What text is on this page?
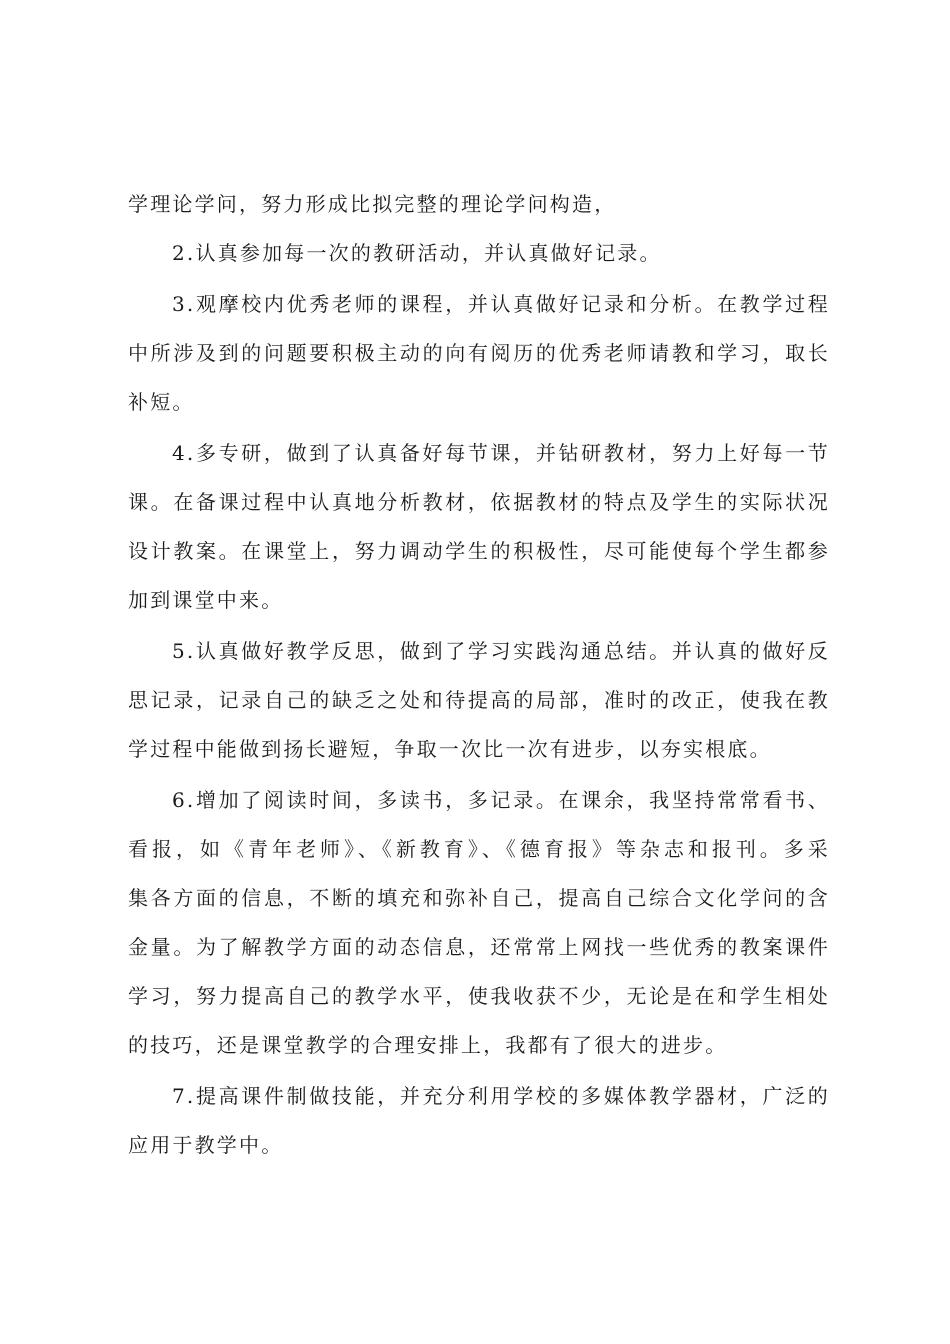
学理论学问，努力形成比拟完整的理论学问构造，
2.认真参加每一次的教研活动，并认真做好记录。
3.观摩校内优秀老师的课程，并认真做好记录和分析。在教学过程
中所涉及到的问题要积极主动的向有阅历的优秀老师请教和学习，取长
补短。
4.多专研，做到了认真备好每节课，并钻研教材，努力上好每一节
课。在备课过程中认真地分析教材，依据教材的特点及学生的实际状况
设计教案。在课堂上，努力调动学生的积极性，尽可能使每个学生都参
加到课堂中来。
5.认真做好教学反思，做到了学习实践沟通总结。并认真的做好反
思记录，记录自己的缺乏之处和待提高的局部，准时的改正，使我在教
学过程中能做到扬长避短，争取一次比一次有进步，以夯实根底。
6.增加了阅读时间，多读书，多记录。在课余，我坚持常常看书、
看报，如《青年老师》、《新教育》、《德育报》等杂志和报刊。多采
集各方面的信息，不断的填充和弥补自己，提高自己综合文化学问的含
金量。为了解教学方面的动态信息，还常常上网找一些优秀的教案课件
学习，努力提高自己的教学水平，使我收获不少，无论是在和学生相处
的技巧，还是课堂教学的合理安排上，我都有了很大的进步。
7.提高课件制做技能，并充分利用学校的多媒体教学器材，广泛的
应用于教学中。
